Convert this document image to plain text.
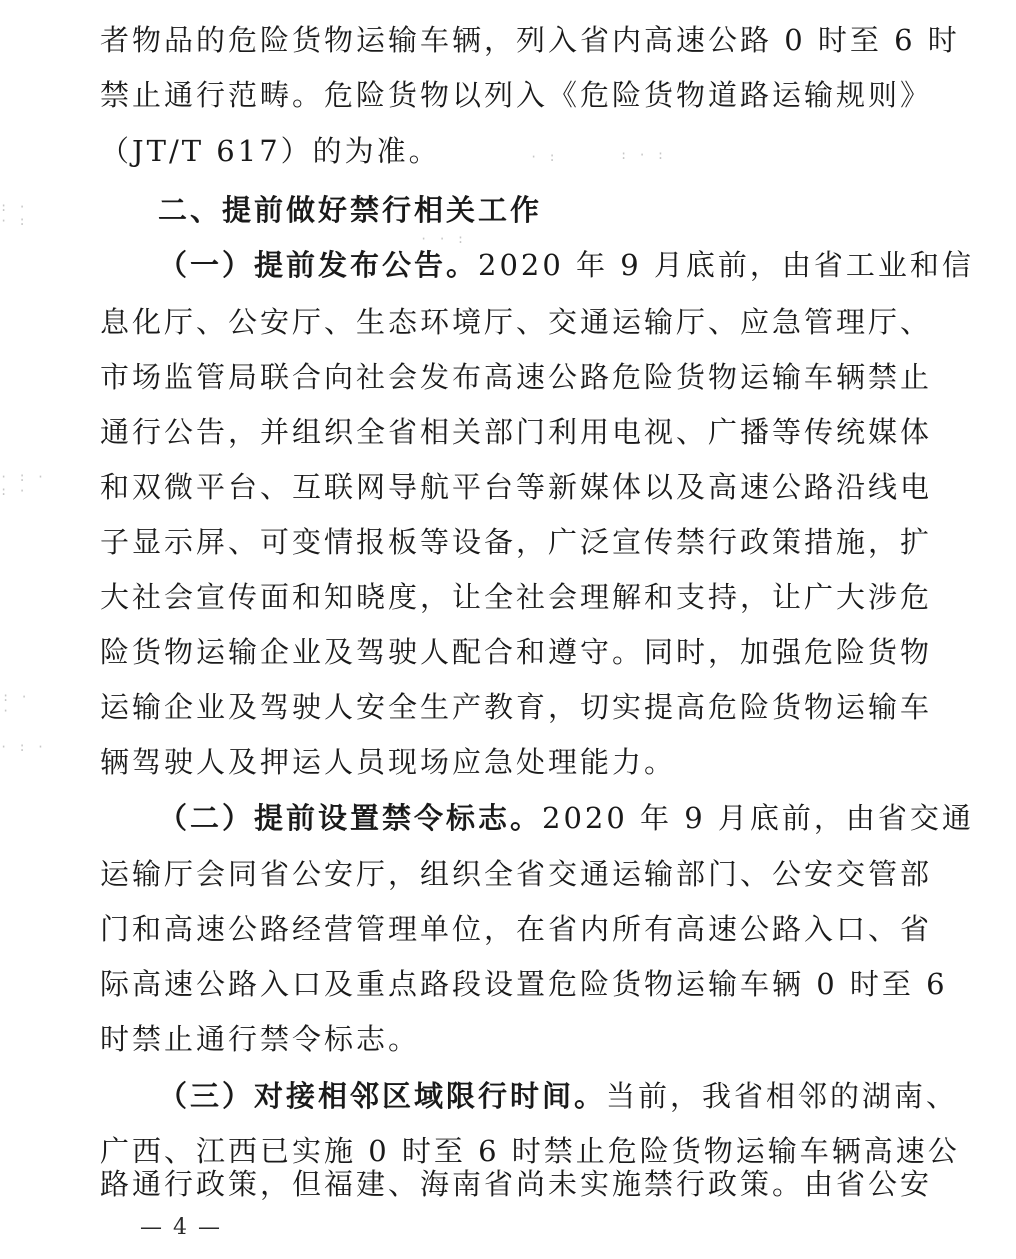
: ·
· :
· : ·
: ·
: ·
·
· : ·
· :	: · :
· · :
者物品的危险货物运输车辆，列入省内高速公路 0 时至 6 时
禁止通行范畴。危险货物以列入《危险货物道路运输规则》
（JT/T 617）的为准。
二、提前做好禁行相关工作
（一）提前发布公告。2020 年 9 月底前，由省工业和信
息化厅、公安厅、生态环境厅、交通运输厅、应急管理厅、
市场监管局联合向社会发布高速公路危险货物运输车辆禁止
通行公告，并组织全省相关部门利用电视、广播等传统媒体
和双微平台、互联网导航平台等新媒体以及高速公路沿线电
子显示屏、可变情报板等设备，广泛宣传禁行政策措施，扩
大社会宣传面和知晓度，让全社会理解和支持，让广大涉危
险货物运输企业及驾驶人配合和遵守。同时，加强危险货物
运输企业及驾驶人安全生产教育，切实提高危险货物运输车
辆驾驶人及押运人员现场应急处理能力。
（二）提前设置禁令标志。2020 年 9 月底前，由省交通
运输厅会同省公安厅，组织全省交通运输部门、公安交管部
门和高速公路经营管理单位，在省内所有高速公路入口、省
际高速公路入口及重点路段设置危险货物运输车辆 0 时至 6
时禁止通行禁令标志。
（三）对接相邻区域限行时间。当前，我省相邻的湖南、
广西、江西已实施 0 时至 6 时禁止危险货物运输车辆高速公
路通行政策，但福建、海南省尚未实施禁行政策。由省公安
— 4 —
